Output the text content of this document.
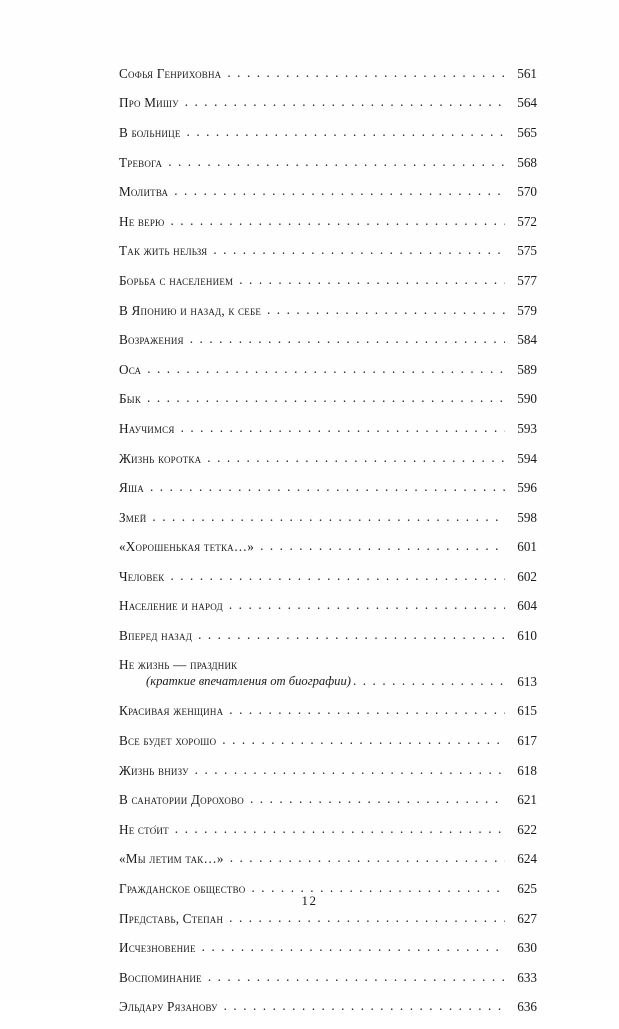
Софья Генриховна . . .	561
Про Мишу . . .	564
В больнице . . .	565
Тревога . . .	568
Молитва . . .	570
Не верю . . .	572
Так жить нельзя . . .	575
Борьба с населением . . .	577
В Японию и назад, к себе . . .	579
Возражения . . .	584
Оса . . .	589
Бык . . .	590
Научимся . . .	593
Жизнь коротка . . .	594
Яша . . .	596
Змей . . .	598
«Хорошенькая тетка…» . . .	601
Человек . . .	602
Население и народ . . .	604
Вперед назад . . .	610
Не жизнь — праздник
(краткие впечатления от биографии) . . .	613
Красивая женщина . . .	615
Все будет хорошо . . .	617
Жизнь внизу . . .	618
В санатории Дорохово . . .	621
Не сто́ит . . .	622
«Мы летим так…» . . .	624
Гражданское общество . . .	625
Представь, Степан . . .	627
Исчезновение . . .	630
Воспоминание . . .	633
Эльдару Рязанову . . .	636
12
